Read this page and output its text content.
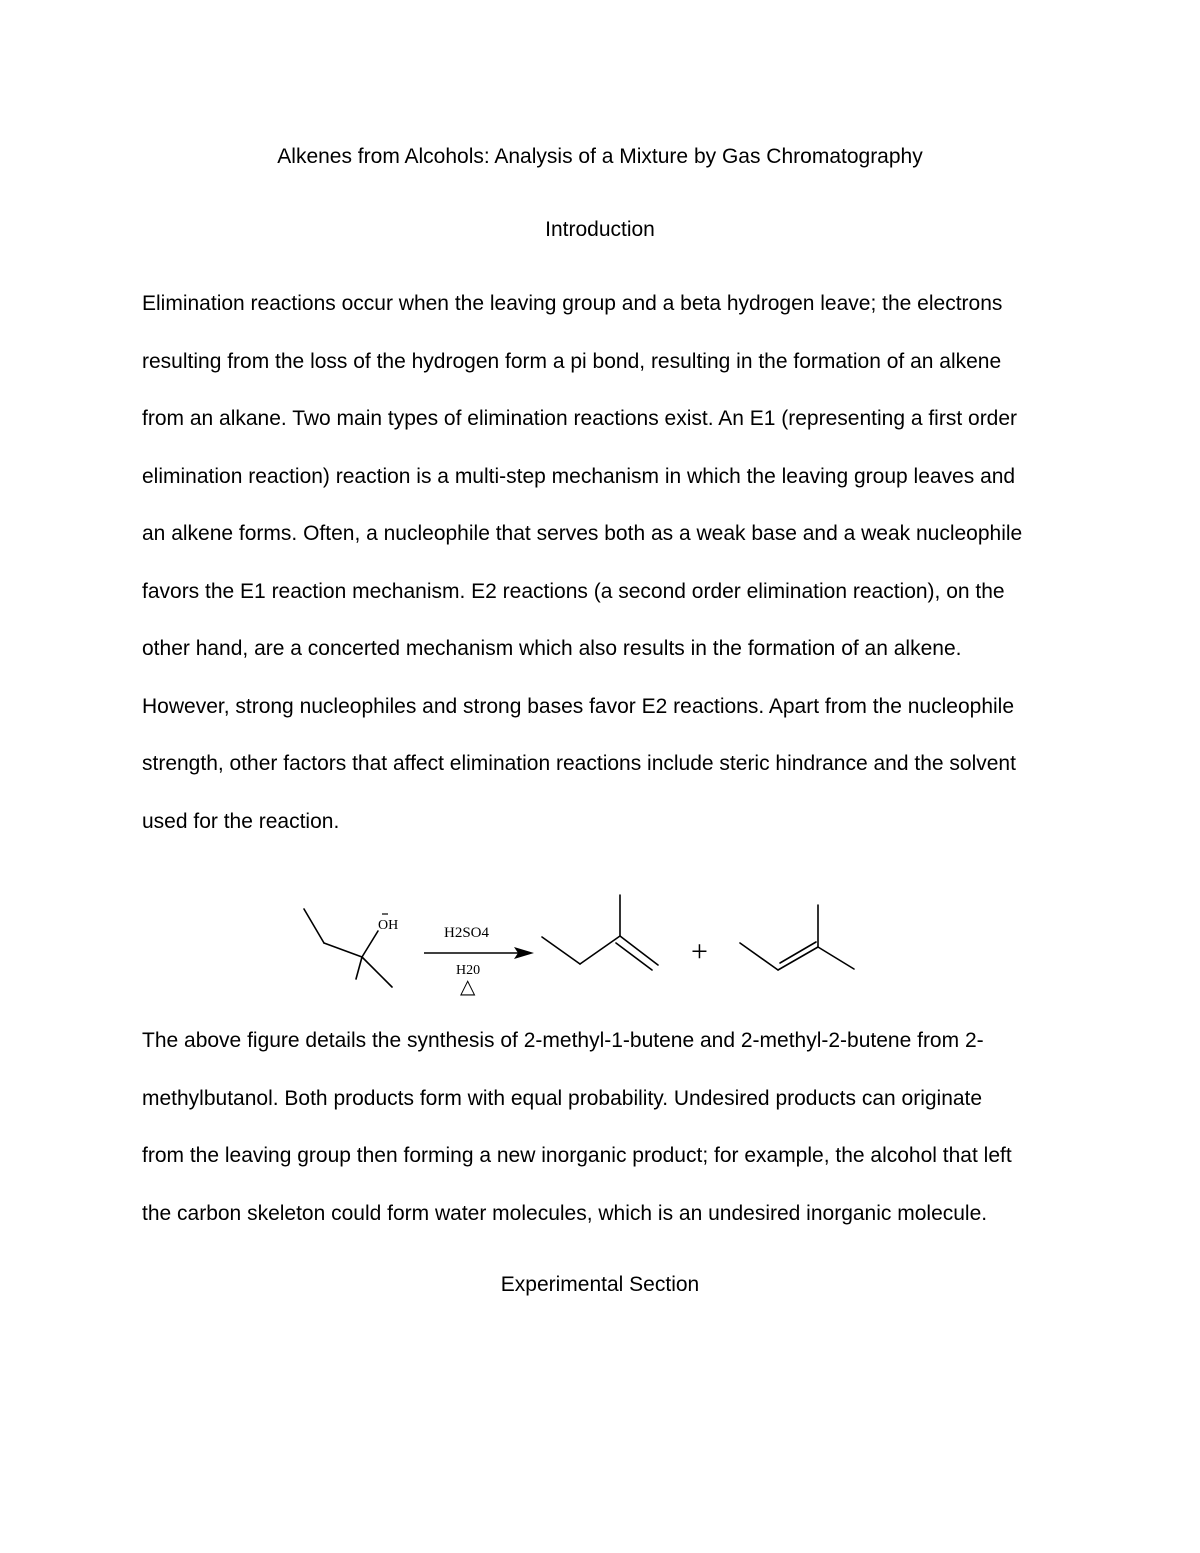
Alkenes from Alcohols: Analysis of a Mixture by Gas Chromatography
Introduction
Elimination reactions occur when the leaving group and a beta hydrogen leave; the electrons
resulting from the loss of the hydrogen form a pi bond, resulting in the formation of an alkene
from an alkane. Two main types of elimination reactions exist. An E1 (representing a first order
elimination reaction) reaction is a multi-step mechanism in which the leaving group leaves and
an alkene forms. Often, a nucleophile that serves both as a weak base and a weak nucleophile
favors the E1 reaction mechanism. E2 reactions (a second order elimination reaction), on the
other hand, are a concerted mechanism which also results in the formation of an alkene.
However, strong nucleophiles and strong bases favor E2 reactions. Apart from the nucleophile
strength, other factors that affect elimination reactions include steric hindrance and the solvent
used for the reaction.
OH	H2SO4
H20
△
+
The above figure details the synthesis of 2-methyl-1-butene and 2-methyl-2-butene from 2-
methylbutanol. Both products form with equal probability. Undesired products can originate
from the leaving group then forming a new inorganic product; for example, the alcohol that left
the carbon skeleton could form water molecules, which is an undesired inorganic molecule.
Experimental Section
